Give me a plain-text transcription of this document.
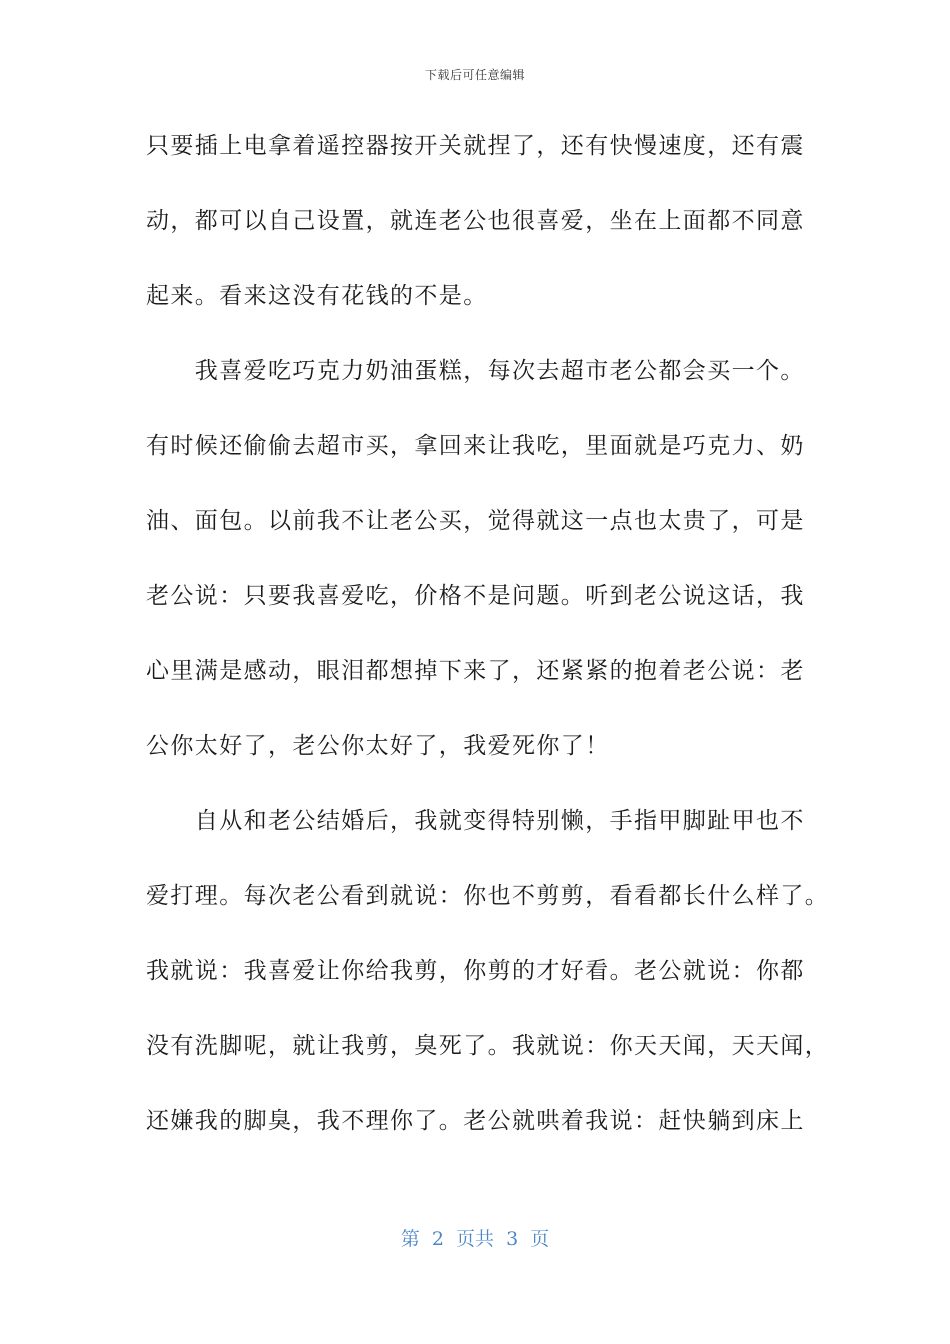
下载后可任意编辑
只要插上电拿着遥控器按开关就捏了，还有快慢速度，还有震
动，都可以自己设置，就连老公也很喜爱，坐在上面都不同意
起来。看来这没有花钱的不是。
　　我喜爱吃巧克力奶油蛋糕，每次去超市老公都会买一个。
有时候还偷偷去超市买，拿回来让我吃，里面就是巧克力、奶
油、面包。以前我不让老公买，觉得就这一点也太贵了，可是
老公说：只要我喜爱吃，价格不是问题。听到老公说这话，我
心里满是感动，眼泪都想掉下来了，还紧紧的抱着老公说：老
公你太好了，老公你太好了，我爱死你了！
　　自从和老公结婚后，我就变得特别懒，手指甲脚趾甲也不
爱打理。每次老公看到就说：你也不剪剪，看看都长什么样了。
我就说：我喜爱让你给我剪，你剪的才好看。老公就说：你都
没有洗脚呢，就让我剪，臭死了。我就说：你天天闻，天天闻，
还嫌我的脚臭，我不理你了。老公就哄着我说：赶快躺到床上
第  2  页共  3  页
